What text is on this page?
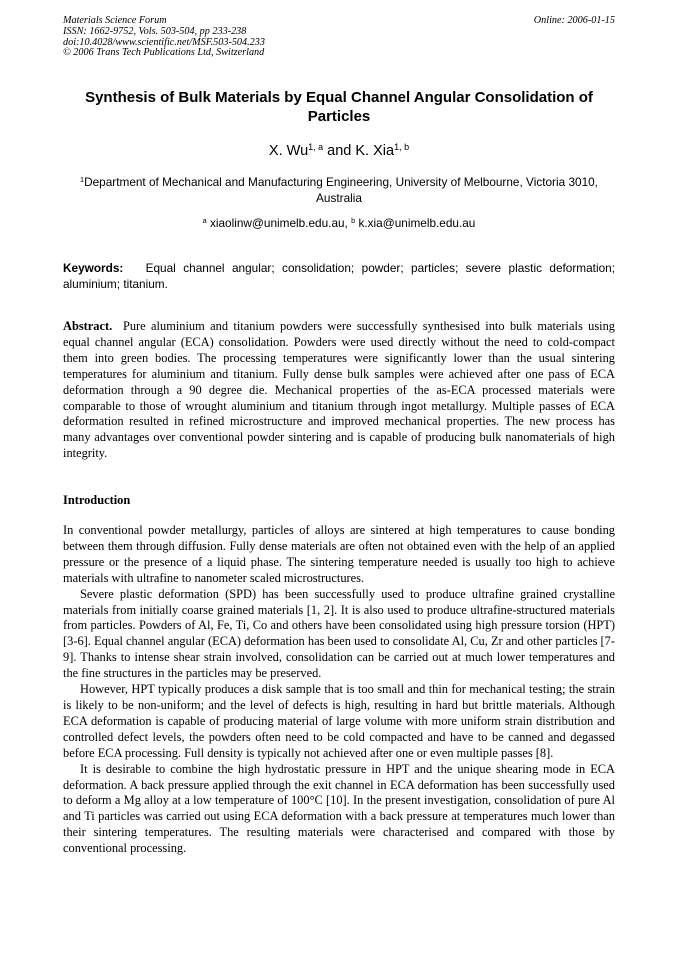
Materials Science Forum
ISSN: 1662-9752, Vols. 503-504, pp 233-238
doi:10.4028/www.scientific.net/MSF.503-504.233
© 2006 Trans Tech Publications Ltd, Switzerland
Online: 2006-01-15
Synthesis of Bulk Materials by Equal Channel Angular Consolidation of Particles
X. Wu$^{1, a}$ and K. Xia$^{1, b}$
$^1$Department of Mechanical and Manufacturing Engineering, University of Melbourne, Victoria 3010, Australia
$^a$ xiaolinw@unimelb.edu.au, $^b$ k.xia@unimelb.edu.au
Keywords: Equal channel angular; consolidation; powder; particles; severe plastic deformation; aluminium; titanium.
Abstract. Pure aluminium and titanium powders were successfully synthesised into bulk materials using equal channel angular (ECA) consolidation. Powders were used directly without the need to cold-compact them into green bodies. The processing temperatures were significantly lower than the usual sintering temperatures for aluminium and titanium. Fully dense bulk samples were achieved after one pass of ECA deformation through a 90 degree die. Mechanical properties of the as-ECA processed materials were comparable to those of wrought aluminium and titanium through ingot metallurgy. Multiple passes of ECA deformation resulted in refined microstructure and improved mechanical properties. The new process has many advantages over conventional powder sintering and is capable of producing bulk nanomaterials of high integrity.
Introduction

In conventional powder metallurgy, particles of alloys are sintered at high temperatures to cause bonding between them through diffusion. Fully dense materials are often not obtained even with the help of an applied pressure or the presence of a liquid phase. The sintering temperature needed is usually too high to achieve materials with ultrafine to nanometer scaled microstructures.

Severe plastic deformation (SPD) has been successfully used to produce ultrafine grained crystalline materials from initially coarse grained materials [1, 2]. It is also used to produce ultrafine-structured materials from particles. Powders of Al, Fe, Ti, Co and others have been consolidated using high pressure torsion (HPT) [3-6]. Equal channel angular (ECA) deformation has been used to consolidate Al, Cu, Zr and other particles [7-9]. Thanks to intense shear strain involved, consolidation can be carried out at much lower temperatures and the fine structures in the particles may be preserved.

However, HPT typically produces a disk sample that is too small and thin for mechanical testing; the strain is likely to be non-uniform; and the level of defects is high, resulting in hard but brittle materials. Although ECA deformation is capable of producing material of large volume with more uniform strain distribution and controlled defect levels, the powders often need to be cold compacted and have to be canned and degassed before ECA processing. Full density is typically not achieved after one or even multiple passes [8].

It is desirable to combine the high hydrostatic pressure in HPT and the unique shearing mode in ECA deformation. A back pressure applied through the exit channel in ECA deformation has been successfully used to deform a Mg alloy at a low temperature of 100°C [10]. In the present investigation, consolidation of pure Al and Ti particles was carried out using ECA deformation with a back pressure at temperatures much lower than their sintering temperatures. The resulting materials were characterised and compared with those by conventional processing.
